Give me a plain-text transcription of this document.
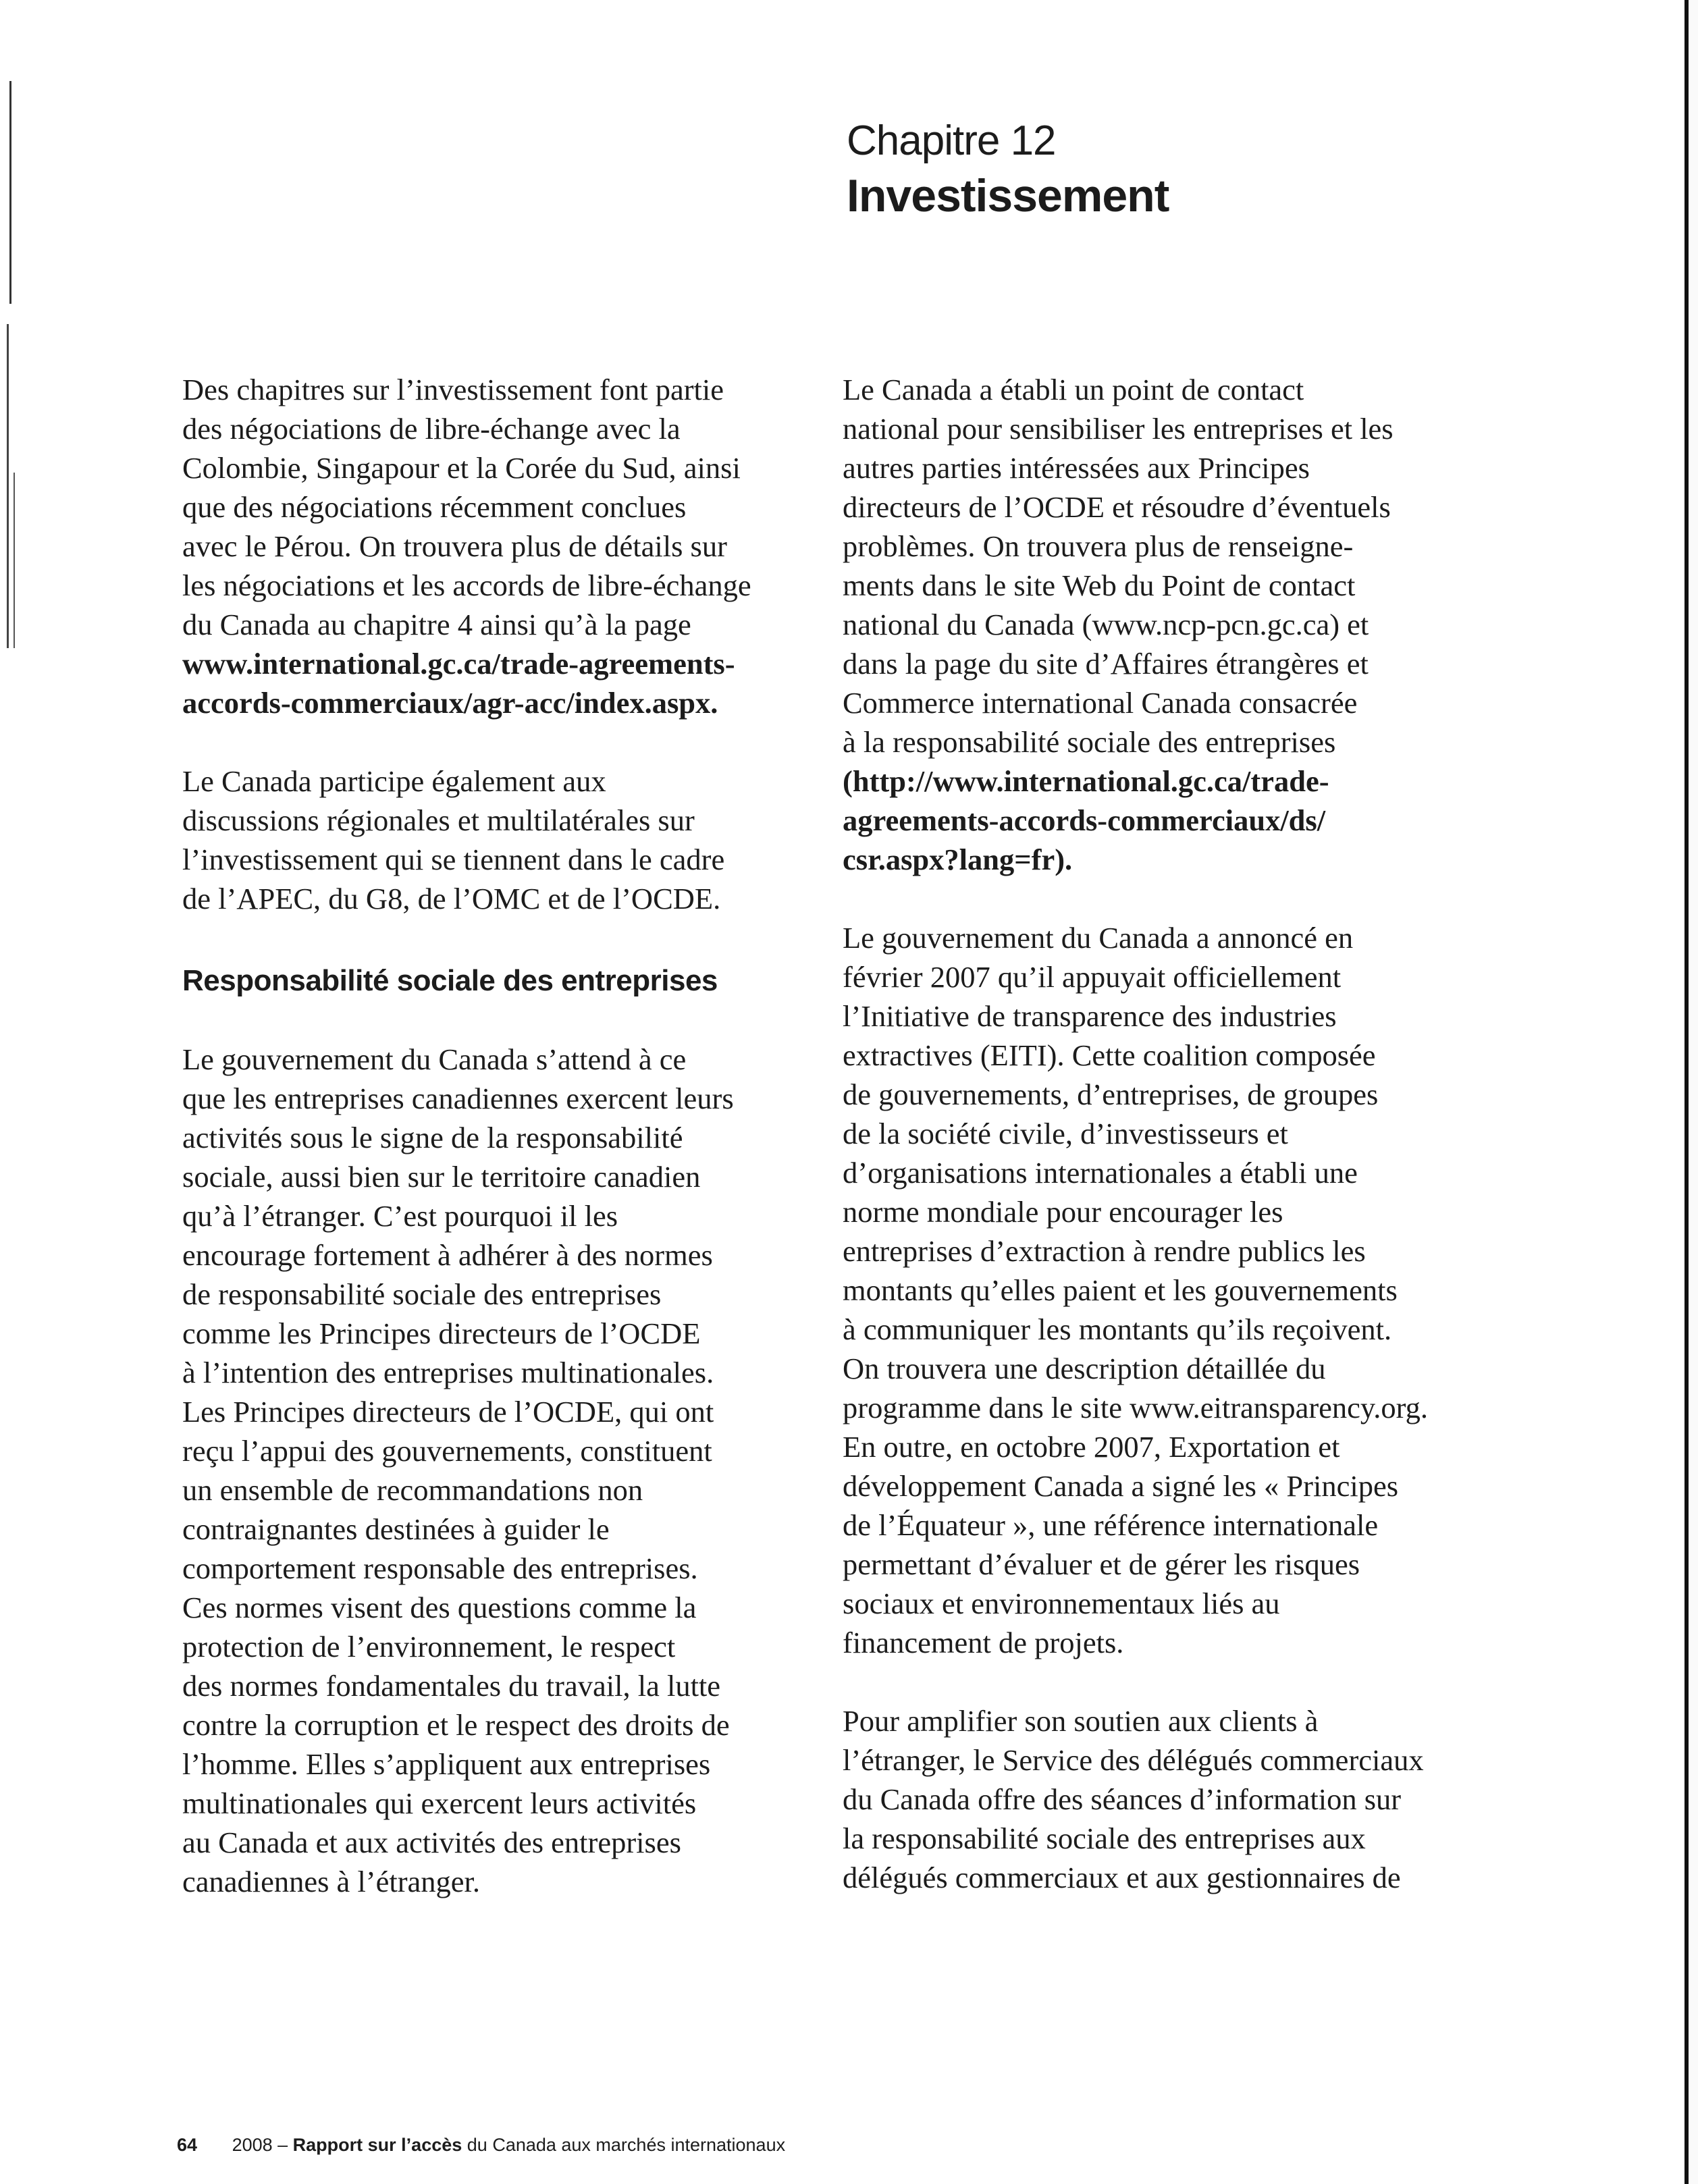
Chapitre 12
Investissement
Des chapitres sur l’investissement font partie
des négociations de libre-échange avec la
Colombie, Singapour et la Corée du Sud, ainsi
que des négociations récemment conclues
avec le Pérou. On trouvera plus de détails sur
les négociations et les accords de libre-échange
du Canada au chapitre 4 ainsi qu’à la page
www.international.gc.ca/trade-agreements-
accords-commerciaux/agr-acc/index.aspx.
Le Canada participe également aux
discussions régionales et multilatérales sur
l’investissement qui se tiennent dans le cadre
de l’APEC, du G8, de l’OMC et de l’OCDE.
Responsabilité sociale des entreprises
Le gouvernement du Canada s’attend à ce
que les entreprises canadiennes exercent leurs
activités sous le signe de la responsabilité
sociale, aussi bien sur le territoire canadien
qu’à l’étranger. C’est pourquoi il les
encourage fortement à adhérer à des normes
de responsabilité sociale des entreprises
comme les Principes directeurs de l’OCDE
à l’intention des entreprises multinationales.
Les Principes directeurs de l’OCDE, qui ont
reçu l’appui des gouvernements, constituent
un ensemble de recommandations non
contraignantes destinées à guider le
comportement responsable des entreprises.
Ces normes visent des questions comme la
protection de l’environnement, le respect
des normes fondamentales du travail, la lutte
contre la corruption et le respect des droits de
l’homme. Elles s’appliquent aux entreprises
multinationales qui exercent leurs activités
au Canada et aux activités des entreprises
canadiennes à l’étranger.
Le Canada a établi un point de contact
national pour sensibiliser les entreprises et les
autres parties intéressées aux Principes
directeurs de l’OCDE et résoudre d’éventuels
problèmes. On trouvera plus de renseigne-
ments dans le site Web du Point de contact
national du Canada (www.ncp-pcn.gc.ca) et
dans la page du site d’Affaires étrangères et
Commerce international Canada consacrée
à la responsabilité sociale des entreprises
(http://www.international.gc.ca/trade-
agreements-accords-commerciaux/ds/
csr.aspx?lang=fr).
Le gouvernement du Canada a annoncé en
février 2007 qu’il appuyait officiellement
l’Initiative de transparence des industries
extractives (EITI). Cette coalition composée
de gouvernements, d’entreprises, de groupes
de la société civile, d’investisseurs et
d’organisations internationales a établi une
norme mondiale pour encourager les
entreprises d’extraction à rendre publics les
montants qu’elles paient et les gouvernements
à communiquer les montants qu’ils reçoivent.
On trouvera une description détaillée du
programme dans le site www.eitransparency.org.
En outre, en octobre 2007, Exportation et
développement Canada a signé les « Principes
de l’Équateur », une référence internationale
permettant d’évaluer et de gérer les risques
sociaux et environnementaux liés au
financement de projets.
Pour amplifier son soutien aux clients à
l’étranger, le Service des délégués commerciaux
du Canada offre des séances d’information sur
la responsabilité sociale des entreprises aux
délégués commerciaux et aux gestionnaires de
64 2008 – Rapport sur l’accès du Canada aux marchés internationaux
